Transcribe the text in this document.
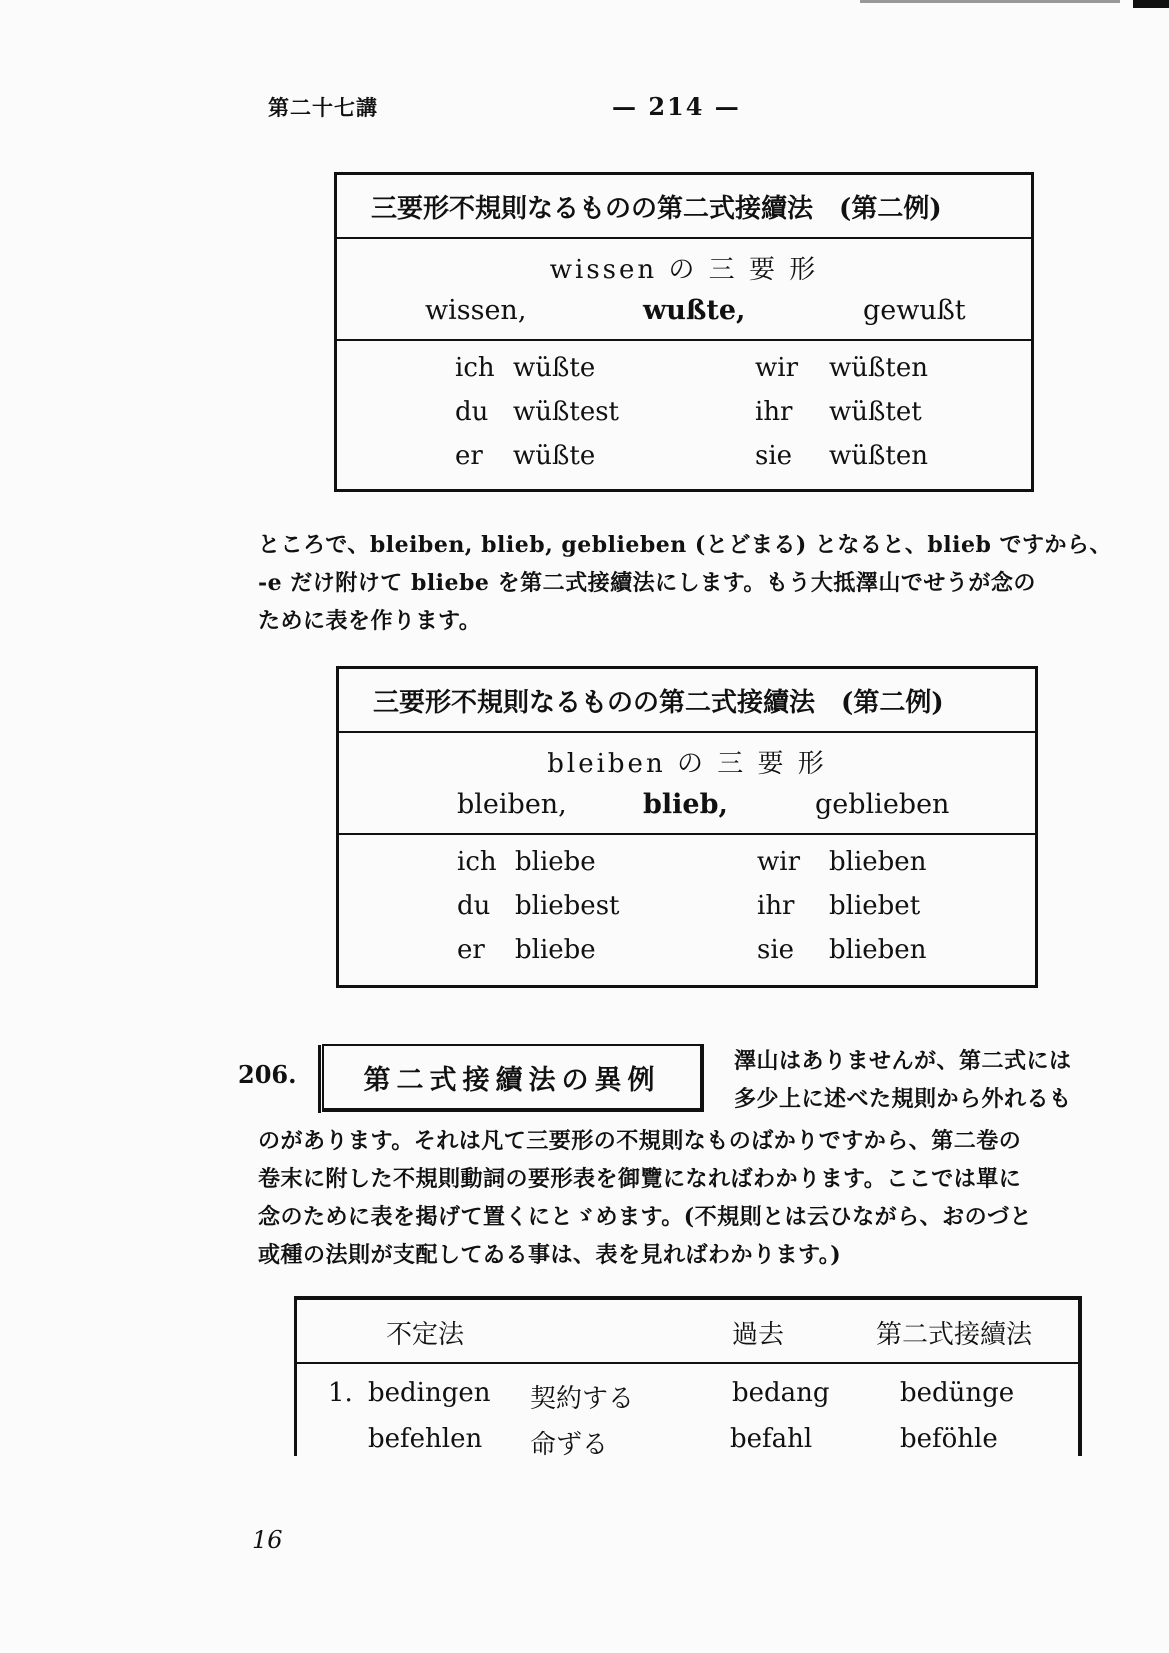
第二十七講	— 214 —
三要形不規則なるものの第二式接續法 (第二例)
wissen の 三 要 形
wissen,	wußte,	gewußt
ich wüßte	wir wüßten
du wüßtest	ihr wüßtet
er wüßte	sie wüßten
ところで、bleiben, blieb, geblieben (とどまる) となると、blieb ですから、
-e だけ附けて bliebe を第二式接續法にします。もう大抵澤山でせうが念の
ために表を作ります。
三要形不規則なるものの第二式接續法 (第二例)
bleiben の 三 要 形
bleiben,	blieb,	geblieben
ich bliebe	wir blieben
du bliebest	ihr bliebet
er bliebe	sie blieben
206. 第二式接續法の異例
澤山はありませんが、第二式には
多少上に述べた規則から外れるも
のがあります。それは凡て三要形の不規則なものばかりですから、第二卷の
卷末に附した不規則動詞の要形表を御覽になればわかります。ここでは單に
念のために表を掲げて置くにとゞめます。(不規則とは云ひながら、おのづと
或種の法則が支配してゐる事は、表を見ればわかります。)
不定法	過去	第二式接續法
1. bedingen 契約する	bedang	bedünge
befehlen 命ずる	befahl	beföhle
16
